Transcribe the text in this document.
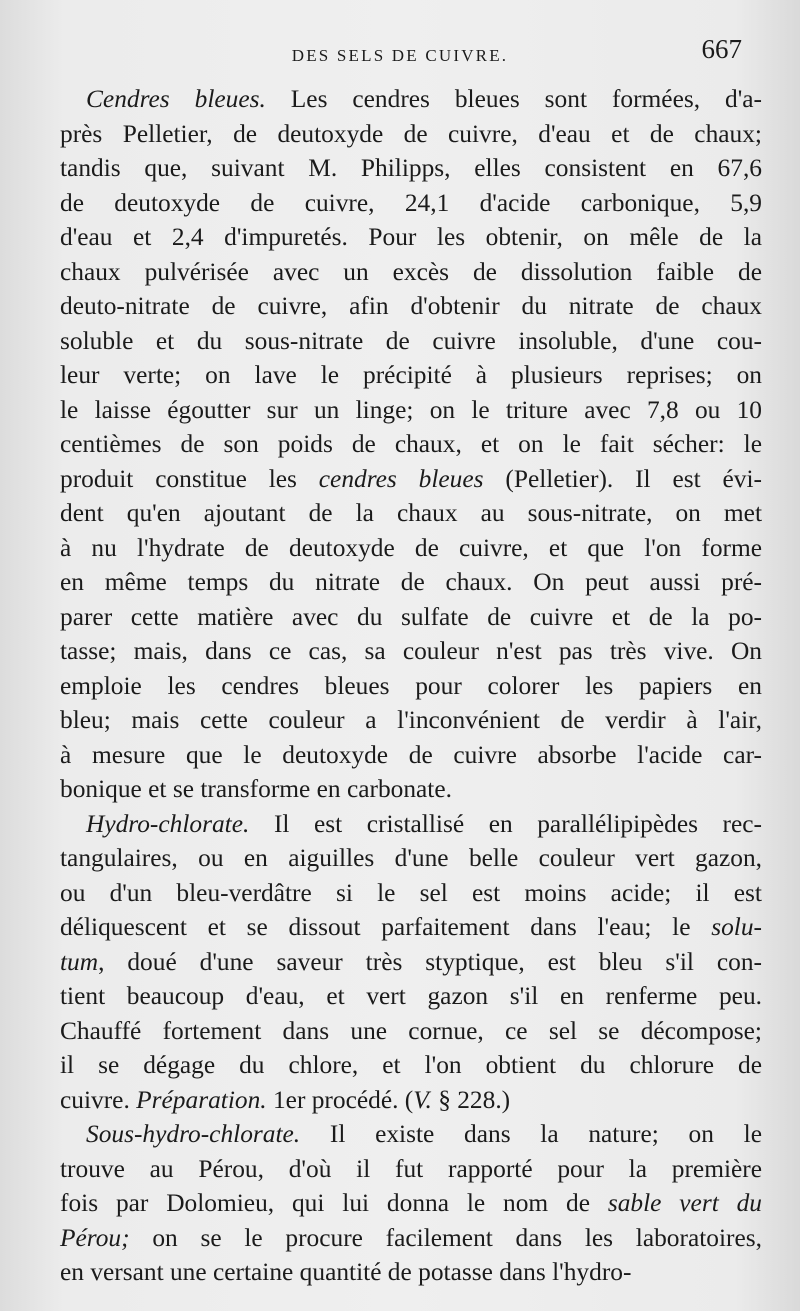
DES SELS DE CUIVRE.	667
Cendres bleues. Les cendres bleues sont formées, d'a-
près Pelletier, de deutoxyde de cuivre, d'eau et de chaux;
tandis que, suivant M. Philipps, elles consistent en 67,6
de deutoxyde de cuivre, 24,1 d'acide carbonique, 5,9
d'eau et 2,4 d'impuretés. Pour les obtenir, on mêle de la
chaux pulvérisée avec un excès de dissolution faible de
deuto-nitrate de cuivre, afin d'obtenir du nitrate de chaux
soluble et du sous-nitrate de cuivre insoluble, d'une cou-
leur verte; on lave le précipité à plusieurs reprises; on
le laisse égoutter sur un linge; on le triture avec 7,8 ou 10
centièmes de son poids de chaux, et on le fait sécher: le
produit constitue les cendres bleues (Pelletier). Il est évi-
dent qu'en ajoutant de la chaux au sous-nitrate, on met
à nu l'hydrate de deutoxyde de cuivre, et que l'on forme
en même temps du nitrate de chaux. On peut aussi pré-
parer cette matière avec du sulfate de cuivre et de la po-
tasse; mais, dans ce cas, sa couleur n'est pas très vive. On
emploie les cendres bleues pour colorer les papiers en
bleu; mais cette couleur a l'inconvénient de verdir à l'air,
à mesure que le deutoxyde de cuivre absorbe l'acide car-
bonique et se transforme en carbonate.
Hydro-chlorate. Il est cristallisé en parallélipipèdes rec-
tangulaires, ou en aiguilles d'une belle couleur vert gazon,
ou d'un bleu-verdâtre si le sel est moins acide; il est
déliquescent et se dissout parfaitement dans l'eau; le solu-
tum, doué d'une saveur très styptique, est bleu s'il con-
tient beaucoup d'eau, et vert gazon s'il en renferme peu.
Chauffé fortement dans une cornue, ce sel se décompose;
il se dégage du chlore, et l'on obtient du chlorure de
cuivre. Préparation. 1er procédé. (V. § 228.)
Sous-hydro-chlorate. Il existe dans la nature; on le
trouve au Pérou, d'où il fut rapporté pour la première
fois par Dolomieu, qui lui donna le nom de sable vert du
Pérou; on se le procure facilement dans les laboratoires,
en versant une certaine quantité de potasse dans l'hydro-
